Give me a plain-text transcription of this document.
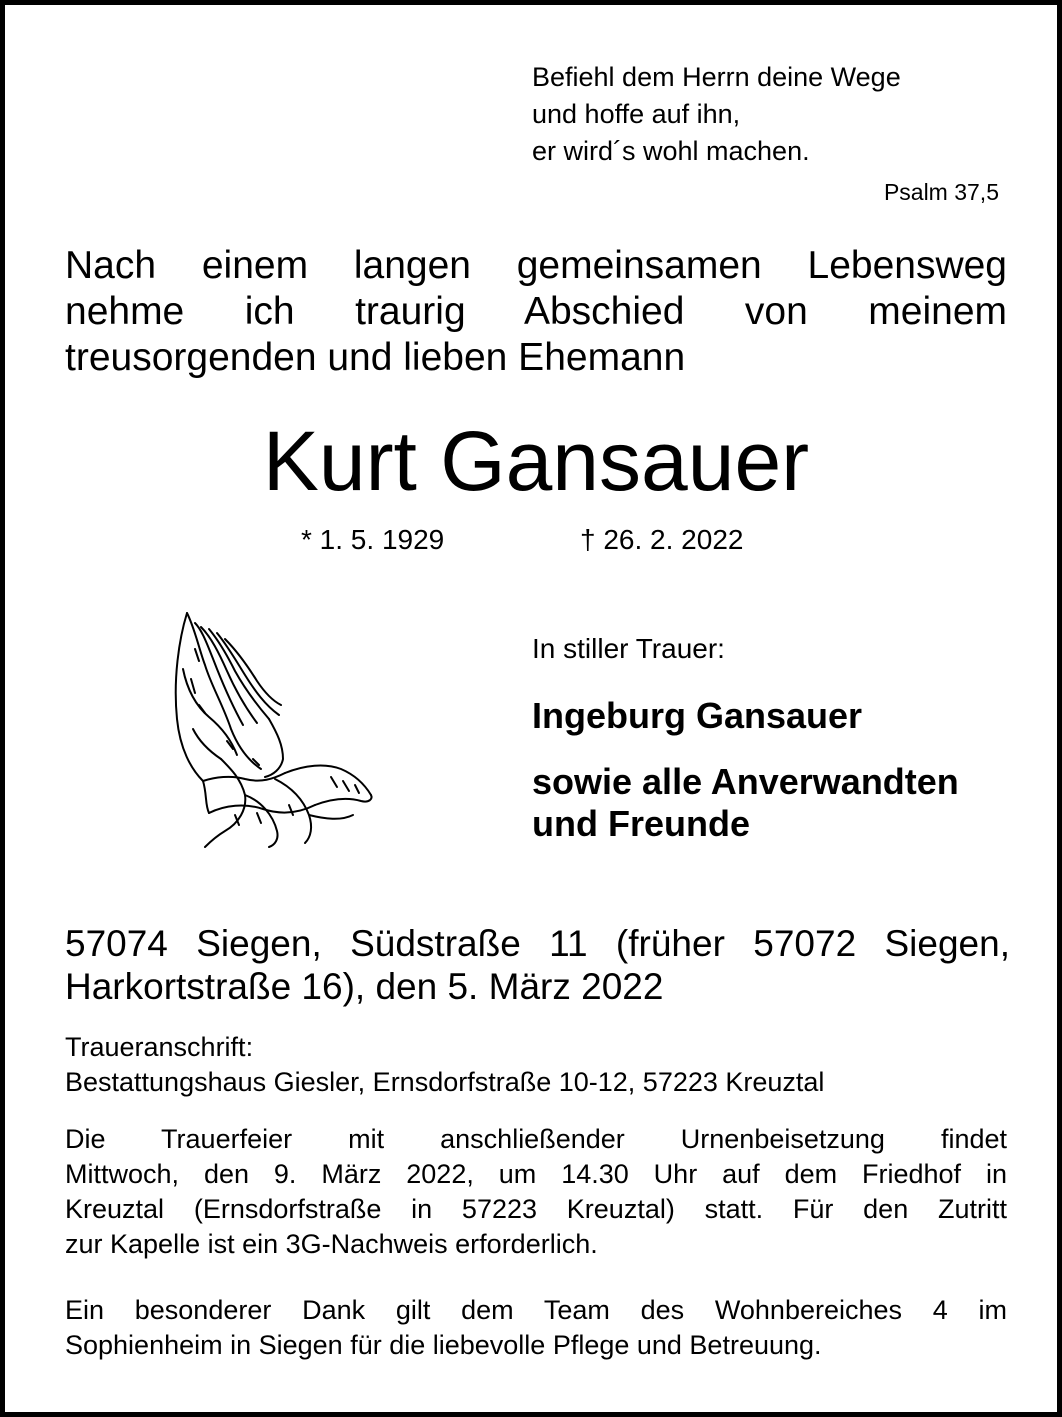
Befiehl dem Herrn deine Wege
und hoffe auf ihn,
er wird´s wohl machen.
Psalm 37,5
Nach einem langen gemeinsamen Lebensweg
nehme ich traurig Abschied von meinem
treusorgenden und lieben Ehemann
Kurt Gansauer
* 1. 5. 1929	† 26. 2. 2022
In stiller Trauer:
Ingeburg Gansauer
sowie alle Anverwandten
und Freunde
57074 Siegen, Südstraße 11 (früher 57072 Siegen,
Harkortstraße 16), den 5. März 2022
Traueranschrift:
Bestattungshaus Giesler, Ernsdorfstraße 10-12, 57223 Kreuztal
Die Trauerfeier mit anschließender Urnenbeisetzung findet
Mittwoch, den 9. März 2022, um 14.30 Uhr auf dem Friedhof in
Kreuztal (Ernsdorfstraße in 57223 Kreuztal) statt. Für den Zutritt
zur Kapelle ist ein 3G-Nachweis erforderlich.
Ein besonderer Dank gilt dem Team des Wohnbereiches 4 im
Sophienheim in Siegen für die liebevolle Pflege und Betreuung.
